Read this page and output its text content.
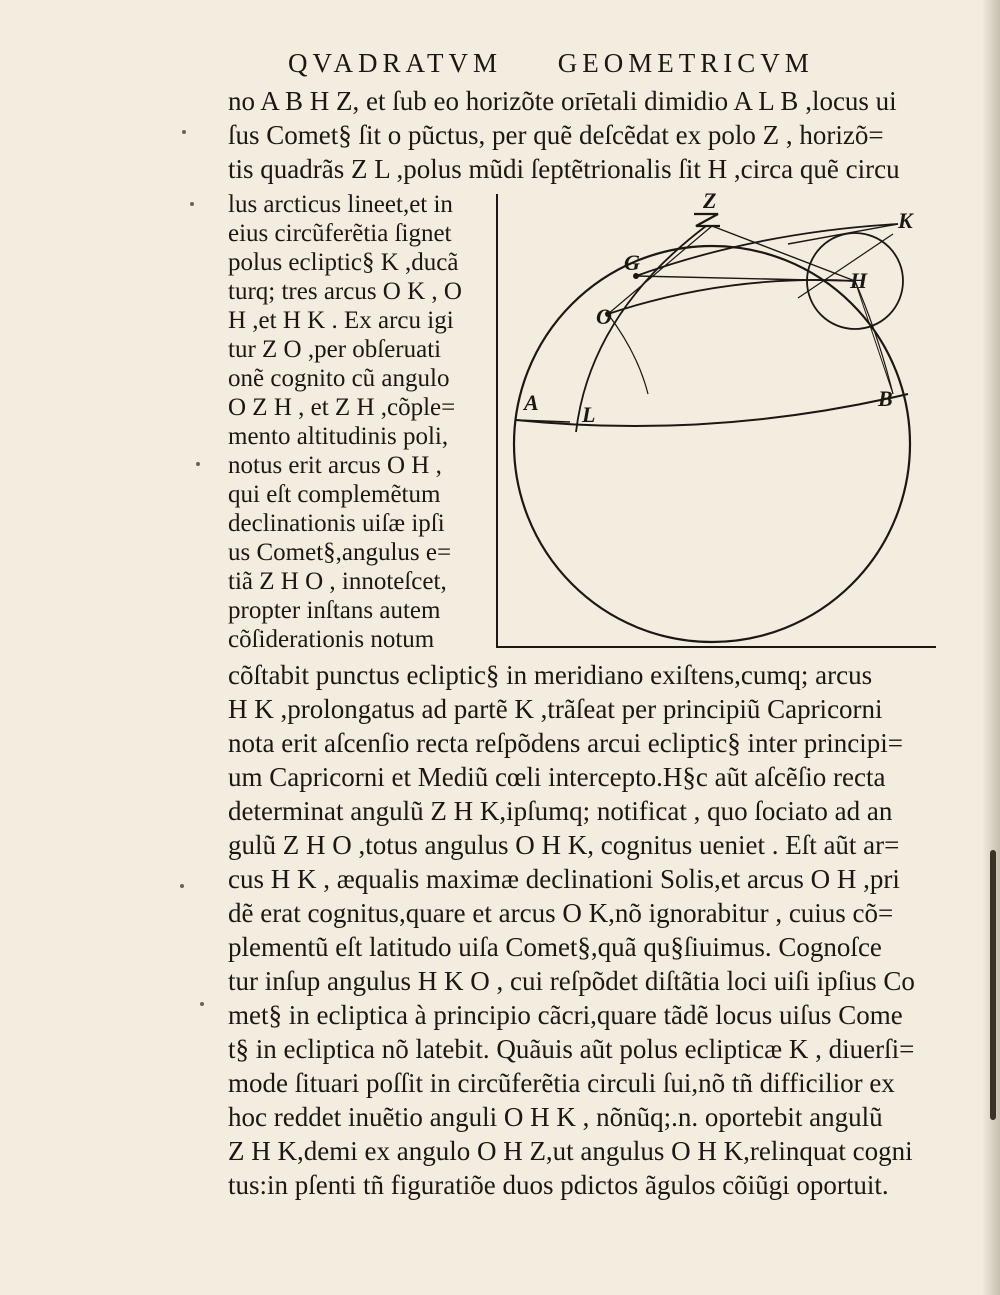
QVADRATVM GEOMETRICVM
no A B H Z, et ſub eo horizõte orı̄etali dimidio A L B ,locus ui
ſus Comet§ ſit o pũctus, per quẽ deſcẽdat ex polo Z , horizõ=
tis quadrãs Z L ,polus mũdi ſeptẽtrionalis ſit H ,circa quẽ circu
lus arcticus lineet,et in
eius circũferẽtia ſignet
polus ecliptic§ K ,ducã
turq; tres arcus O K , O
H ,et H K . Ex arcu igi
tur Z O ,per obſeruati
onẽ cognito cũ angulo
O Z H , et Z H ,cõple=
mento altitudinis poli,
notus erit arcus O H ,
qui eſt complemẽtum
declinationis uiſæ ipſi
us Comet§,angulus e=
tiã Z H O , innoteſcet,
propter inſtans autem
cõſiderationis notum
Z
K
G
H
O
A	B
L
cõſtabit punctus ecliptic§ in meridiano exiſtens,cumq; arcus
H K ,prolongatus ad partẽ K ,trãſeat per principiũ Capricorni
nota erit aſcenſio recta reſpõdens arcui ecliptic§ inter principi=
um Capricorni et Mediũ cœli intercepto.H§c aũt aſcẽſio recta
determinat angulũ Z H K,ipſumq; notificat , quo ſociato ad an
gulũ Z H O ,totus angulus O H K, cognitus ueniet . Eſt aũt ar=
cus H K , æqualis maximæ declinationi Solis,et arcus O H ,pri
dẽ erat cognitus,quare et arcus O K,nõ ignorabitur , cuius cõ=
plementũ eſt latitudo uiſa Comet§,quã qu§ſiuimus. Cognoſce
tur inſup angulus H K O , cui reſpõdet diſtãtia loci uiſi ipſius Co
met§ in ecliptica à principio cãcri,quare tãdẽ locus uiſus Come
t§ in ecliptica nõ latebit. Quãuis aũt polus eclipticæ K , diuerſi=
mode ſituari poſſit in circũferẽtia circuli ſui,nõ tñ difficilior ex
hoc reddet inuẽtio anguli O H K , nõnũq;.n. oportebit angulũ
Z H K,demi ex angulo O H Z,ut angulus O H K,relinquat cogni
tus:in pſenti tñ figuratiõe duos pdictos ãgulos cõiũgi oportuit.
